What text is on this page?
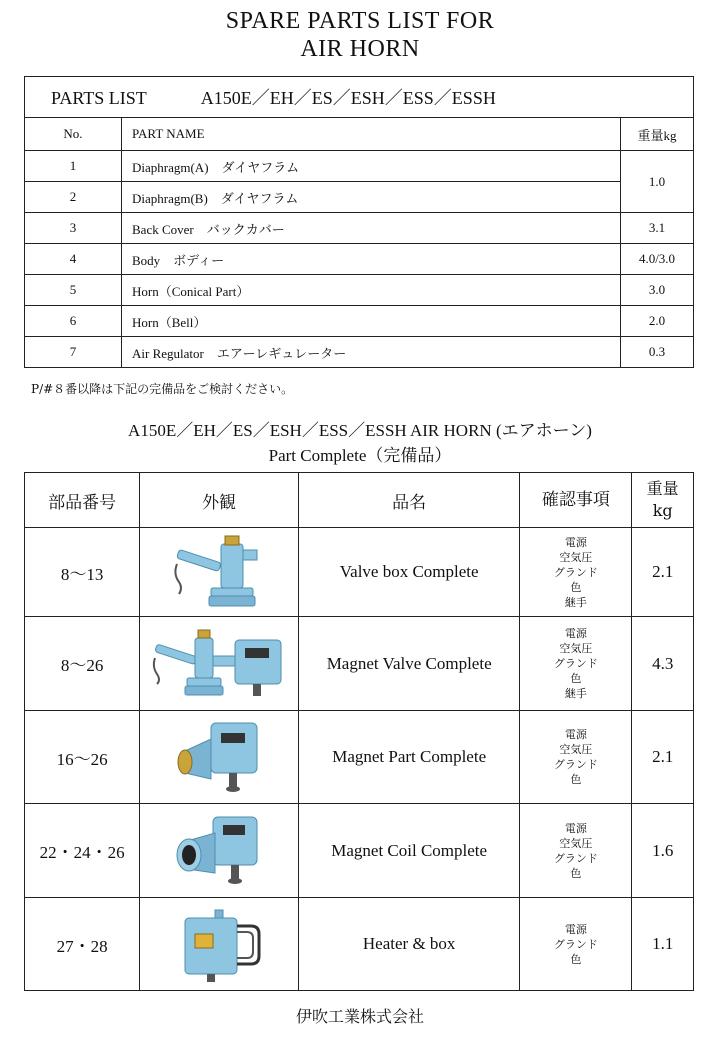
SPARE PARTS LIST FOR
AIR HORN
PARTS LIST A150E／EH／ES／ESH／ESS／ESSH		
No.	PART NAME	重量kg
1	Diaphragm(A)　ダイヤフラム	1.0
2	Diaphragm(B)　ダイヤフラム	
3	Back Cover　バックカバー	3.1
4	Body　ボディー	4.0/3.0
5	Horn（Conical Part）	3.0
6	Horn（Bell）	2.0
7	Air Regulator　エアーレギュレーター	0.3
P/#８番以降は下記の完備品をご検討ください。
A150E／EH／ES／ESH／ESS／ESSH AIR HORN (エアホーン)
Part Complete（完備品）
部品番号	外観	品名	確認事項	重量
kg

8〜13		Valve box Complete	電源
空気圧
グランド
色
継手	2.1
8〜26		Magnet Valve Complete	電源
空気圧
グランド
色
継手	4.3
16〜26		Magnet Part Complete	電源
空気圧
グランド
色	2.1
22・24・26		Magnet Coil Complete	電源
空気圧
グランド
色	1.6
27・28		Heater & box	電源
グランド
色	1.1
伊吹工業株式会社
